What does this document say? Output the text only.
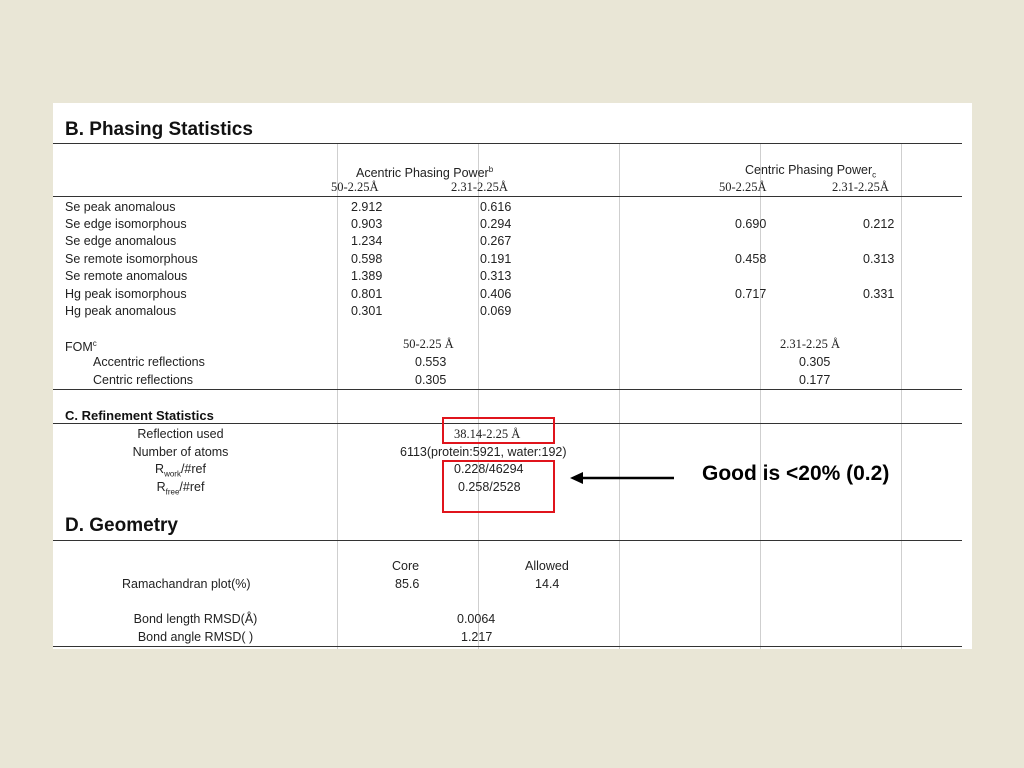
B. Phasing Statistics
Acentric Phasing Power$^b$
50-2.25Å	2.31-2.25Å
Centric Phasing Power$_c$
50-2.25Å	2.31-2.25Å
Se peak anomalous	2.912	0.616
Se edge isomorphous	0.903	0.294	0.690	0.212
Se edge anomalous	1.234	0.267
Se remote isomorphous	0.598	0.191	0.458	0.313
Se remote anomalous	1.389	0.313
Hg peak isomorphous	0.801	0.406	0.717	0.331
Hg peak anomalous	0.301	0.069
FOM$^c$	50-2.25 Å	2.31-2.25 Å
Accentric reflections	0.553	0.305
Centric reflections	0.305	0.177
C. Refinement Statistics
Reflection used	38.14-2.25 Å
Number of atoms	6113(protein:5921, water:192)
$R_{work}/\#ref$	0.228/46294
$R_{free}/\#ref$	0.258/2528
D. Geometry
Core	Allowed
Ramachandran plot(%)	85.6	14.4
Bond length RMSD(Å)	0.0064
Bond angle RMSD( )	1.217
Good is <20% (0.2)
